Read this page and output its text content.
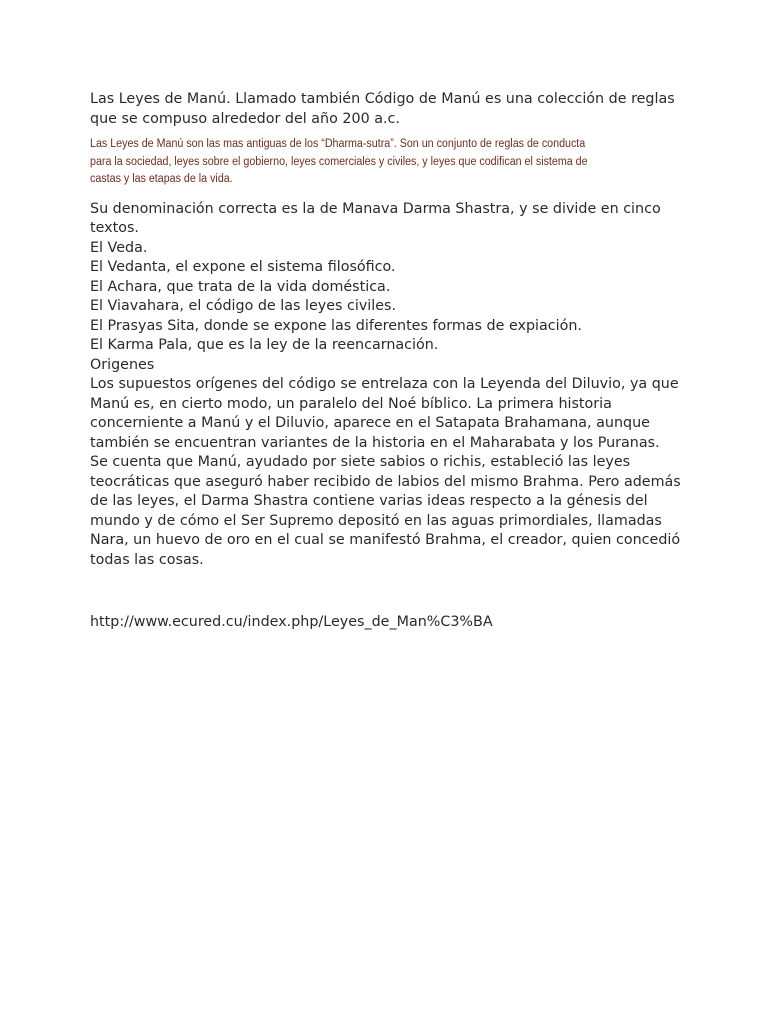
Las Leyes de Manú. Llamado también Código de Manú es una colección de reglas
que se compuso alrededor del año 200 a.c.

Las Leyes de Manú son las mas antiguas de los “Dharma-sutra”. Son un conjunto de reglas de conducta
para la sociedad, leyes sobre el gobierno, leyes comerciales y civiles, y leyes que codifican el sistema de
castas y las etapas de la vida.

Su denominación correcta es la de Manava Darma Shastra, y se divide en cinco
textos.

El Veda.
El Vedanta, el expone el sistema filosófico.
El Achara, que trata de la vida doméstica.
El Viavahara, el código de las leyes civiles.
El Prasyas Sita, donde se expone las diferentes formas de expiación.
El Karma Pala, que es la ley de la reencarnación.

Origenes

Los supuestos orígenes del código se entrelaza con la Leyenda del Diluvio, ya que
Manú es, en cierto modo, un paralelo del Noé bíblico. La primera historia
concerniente a Manú y el Diluvio, aparece en el Satapata Brahamana, aunque
también se encuentran variantes de la historia en el Maharabata y los Puranas.

Se cuenta que Manú, ayudado por siete sabios o richis, estableció las leyes
teocráticas que aseguró haber recibido de labios del mismo Brahma. Pero además
de las leyes, el Darma Shastra contiene varias ideas respecto a la génesis del
mundo y de cómo el Ser Supremo depositó en las aguas primordiales, llamadas
Nara, un huevo de oro en el cual se manifestó Brahma, el creador, quien concedió
todas las cosas.

http://www.ecured.cu/index.php/Leyes_de_Man%C3%BA
